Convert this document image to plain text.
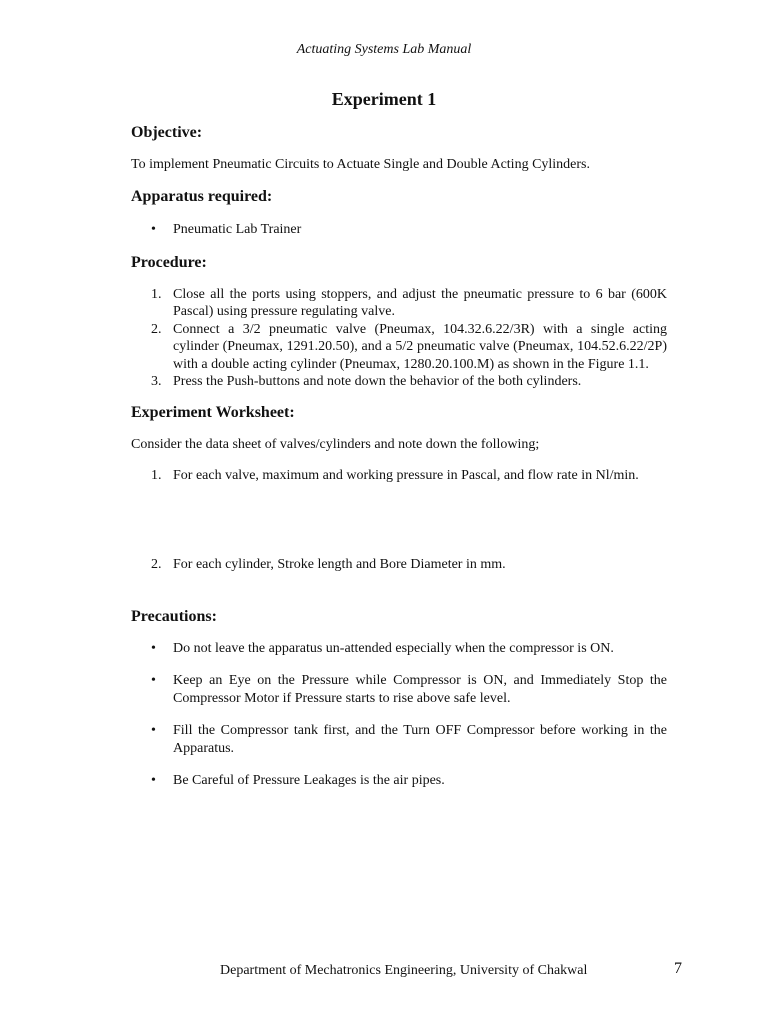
Actuating Systems Lab Manual
Experiment 1

Objective:

To implement Pneumatic Circuits to Actuate Single and Double Acting Cylinders.

Apparatus required:

• Pneumatic Lab Trainer

Procedure:

1. Close all the ports using stoppers, and adjust the pneumatic pressure to 6 bar (600K Pascal) using pressure regulating valve.
2. Connect a 3/2 pneumatic valve (Pneumax, 104.32.6.22/3R) with a single acting cylinder (Pneumax, 1291.20.50), and a 5/2 pneumatic valve (Pneumax, 104.52.6.22/2P) with a double acting cylinder (Pneumax, 1280.20.100.M) as shown in the Figure 1.1.
3. Press the Push-buttons and note down the behavior of the both cylinders.

Experiment Worksheet:

Consider the data sheet of valves/cylinders and note down the following;

1. For each valve, maximum and working pressure in Pascal, and flow rate in Nl/min.
2. For each cylinder, Stroke length and Bore Diameter in mm.

Precautions:

• Do not leave the apparatus un-attended especially when the compressor is ON.
• Keep an Eye on the Pressure while Compressor is ON, and Immediately Stop the Compressor Motor if Pressure starts to rise above safe level.
• Fill the Compressor tank first, and the Turn OFF Compressor before working in the Apparatus.
• Be Careful of Pressure Leakages is the air pipes.
Department of Mechatronics Engineering, University of Chakwal	7
